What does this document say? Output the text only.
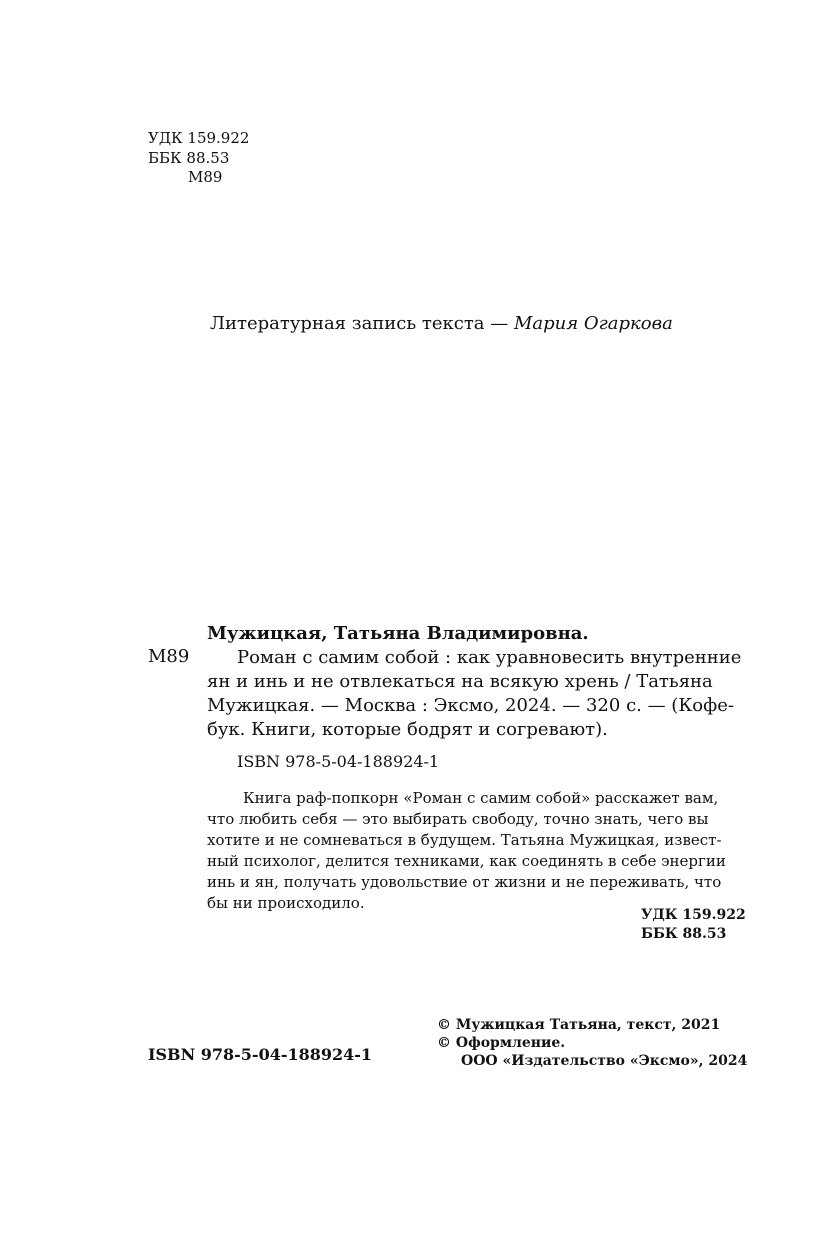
УДК 159.922
ББК 88.53
М89
Литературная запись текста — Мария Огаркова
Мужицкая, Татьяна Владимировна.
М89	Роман с самим собой : как уравновесить внутренние
ян и инь и не отвлекаться на всякую хрень / Татьяна
Мужицкая. — Москва : Эксмо, 2024. — 320 с. — (Кофе-
бук. Книги, которые бодрят и согревают).
ISBN 978-5-04-188924-1
Книга раф-попкорн «Роман с самим собой» расскажет вам,
что любить себя — это выбирать свободу, точно знать, чего вы
хотите и не сомневаться в будущем. Татьяна Мужицкая, извест-
ный психолог, делится техниками, как соединять в себе энергии
инь и ян, получать удовольствие от жизни и не переживать, что
бы ни происходило.
УДК 159.922
ББК 88.53
ISBN 978-5-04-188924-1
© Мужицкая Татьяна, текст, 2021
© Оформление.
ООО «Издательство «Эксмо», 2024
